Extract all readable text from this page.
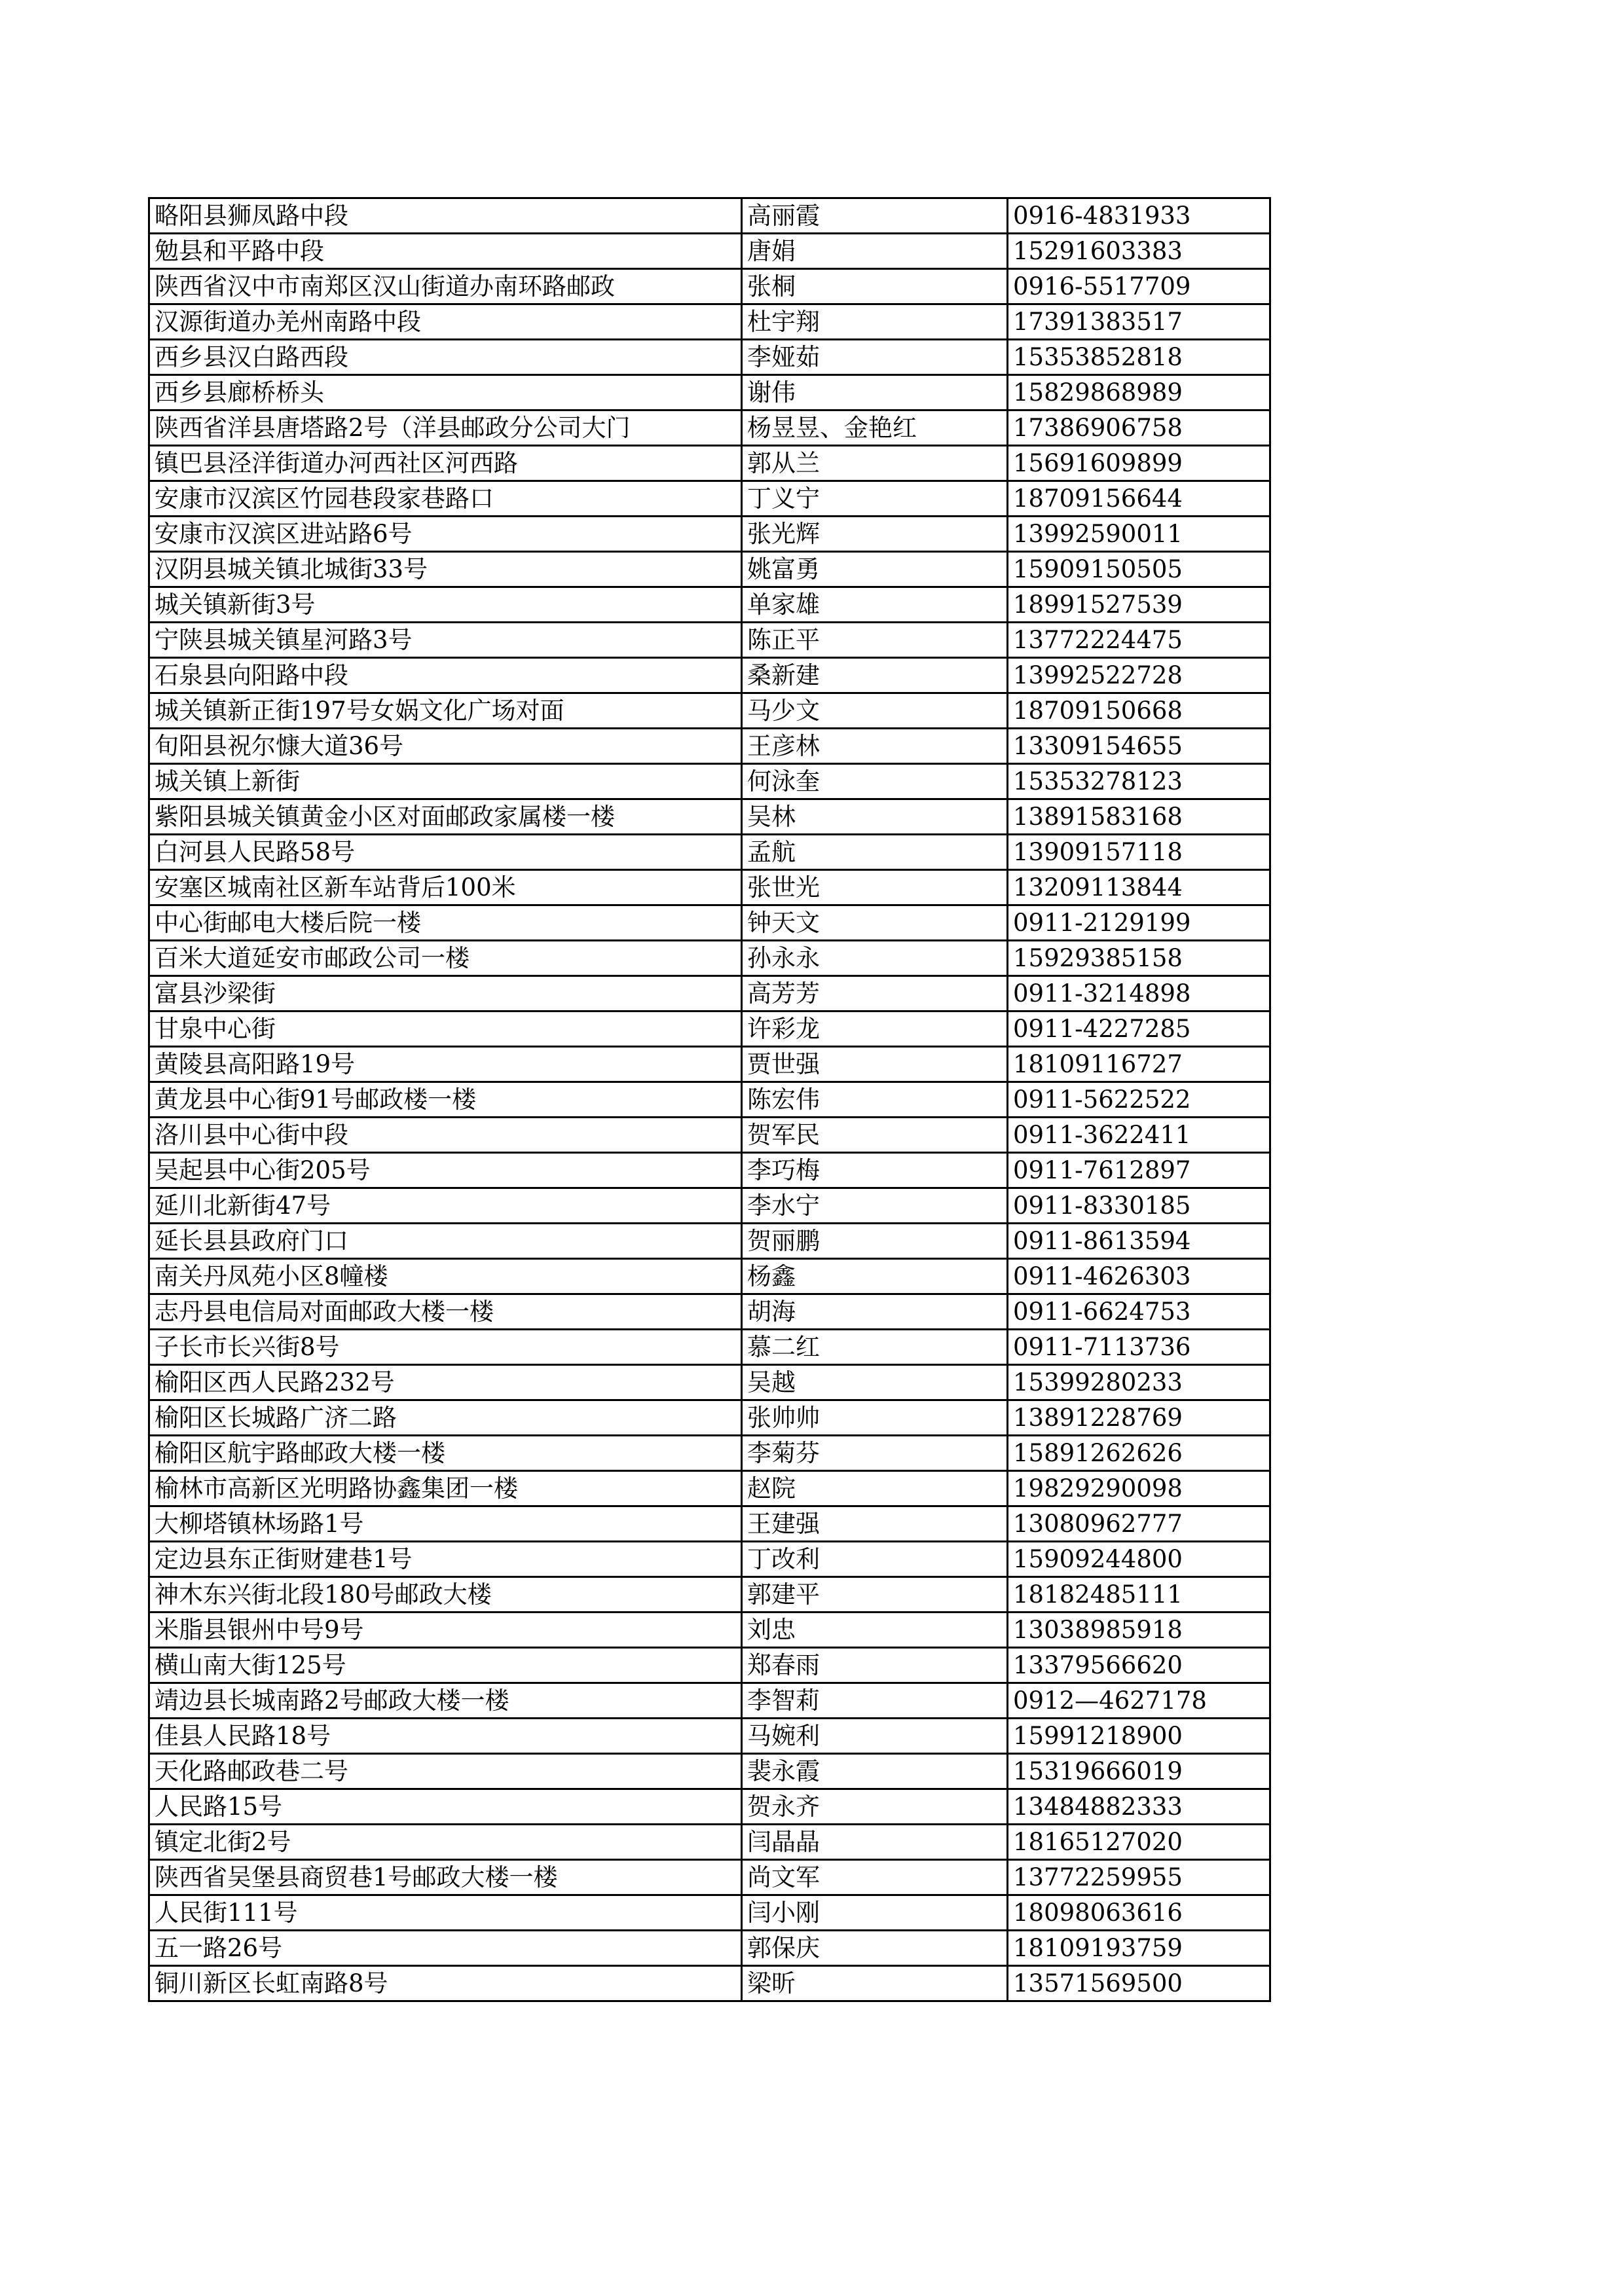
略阳县狮凤路中段	高丽霞	0916-4831933
勉县和平路中段	唐娟	15291603383
陕西省汉中市南郑区汉山街道办南环路邮政	张桐	0916-5517709
汉源街道办羌州南路中段	杜宇翔	17391383517
西乡县汉白路西段	李娅茹	15353852818
西乡县廊桥桥头	谢伟	15829868989
陕西省洋县唐塔路2号（洋县邮政分公司大门	杨昱昱、金艳红	17386906758
镇巴县泾洋街道办河西社区河西路	郭从兰	15691609899
安康市汉滨区竹园巷段家巷路口	丁义宁	18709156644
安康市汉滨区进站路6号	张光辉	13992590011
汉阴县城关镇北城街33号	姚富勇	15909150505
城关镇新街3号	单家雄	18991527539
宁陕县城关镇星河路3号	陈正平	13772224475
石泉县向阳路中段	桑新建	13992522728
城关镇新正街197号女娲文化广场对面	马少文	18709150668
旬阳县祝尔慷大道36号	王彦林	13309154655
城关镇上新街	何泳奎	15353278123
紫阳县城关镇黄金小区对面邮政家属楼一楼	吴林	13891583168
白河县人民路58号	孟航	13909157118
安塞区城南社区新车站背后100米	张世光	13209113844
中心街邮电大楼后院一楼	钟天文	0911-2129199
百米大道延安市邮政公司一楼	孙永永	15929385158
富县沙梁街	高芳芳	0911-3214898
甘泉中心街	许彩龙	0911-4227285
黄陵县高阳路19号	贾世强	18109116727
黄龙县中心街91号邮政楼一楼	陈宏伟	0911-5622522
洛川县中心街中段	贺军民	0911-3622411
吴起县中心街205号	李巧梅	0911-7612897
延川北新街47号	李水宁	0911-8330185
延长县县政府门口	贺丽鹏	0911-8613594
南关丹凤苑小区8幢楼	杨鑫	0911-4626303
志丹县电信局对面邮政大楼一楼	胡海	0911-6624753
子长市长兴街8号	慕二红	0911-7113736
榆阳区西人民路232号	吴越	15399280233
榆阳区长城路广济二路	张帅帅	13891228769
榆阳区航宇路邮政大楼一楼	李菊芬	15891262626
榆林市高新区光明路协鑫集团一楼	赵院	19829290098
大柳塔镇林场路1号	王建强	13080962777
定边县东正街财建巷1号	丁改利	15909244800
神木东兴街北段180号邮政大楼	郭建平	18182485111
米脂县银州中号9号	刘忠	13038985918
横山南大街125号	郑春雨	13379566620
靖边县长城南路2号邮政大楼一楼	李智莉	0912—4627178
佳县人民路18号	马婉利	15991218900
天化路邮政巷二号	裴永霞	15319666019
人民路15号	贺永齐	13484882333
镇定北街2号	闫晶晶	18165127020
陕西省吴堡县商贸巷1号邮政大楼一楼	尚文军	13772259955
人民街111号	闫小刚	18098063616
五一路26号	郭保庆	18109193759
铜川新区长虹南路8号	梁昕	13571569500
